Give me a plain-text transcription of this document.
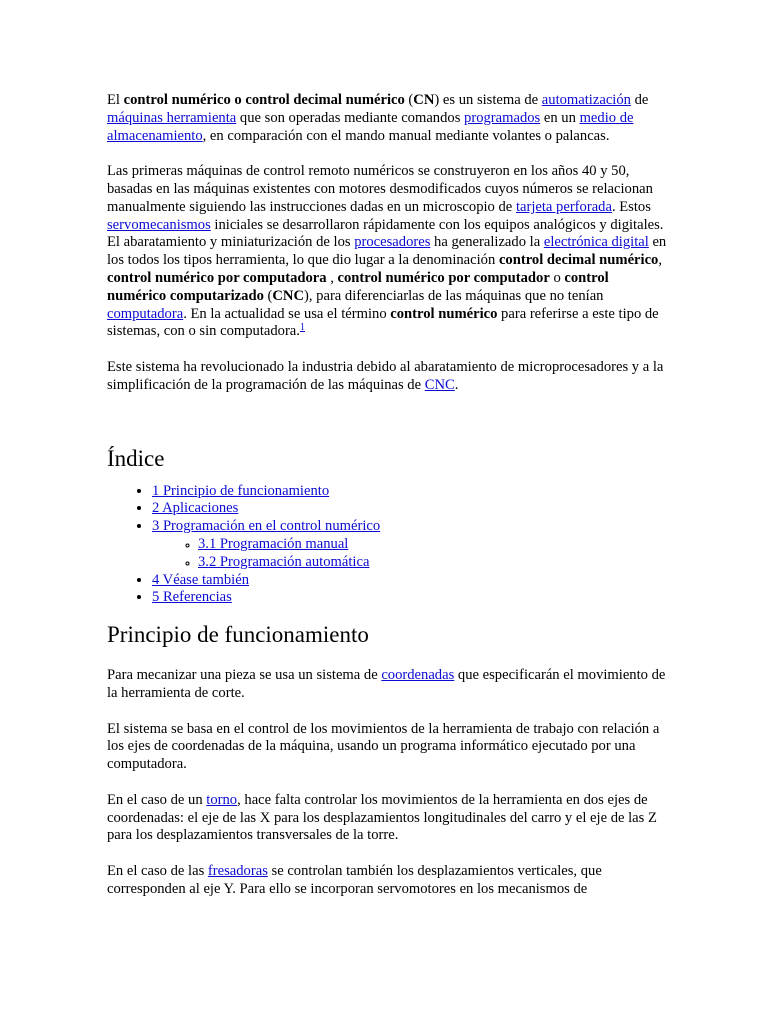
El control numérico o control decimal numérico (CN) es un sistema de automatización de máquinas herramienta que son operadas mediante comandos programados en un medio de almacenamiento, en comparación con el mando manual mediante volantes o palancas.

Las primeras máquinas de control remoto numéricos se construyeron en los años 40 y 50, basadas en las máquinas existentes con motores desmodificados cuyos números se relacionan manualmente siguiendo las instrucciones dadas en un microscopio de tarjeta perforada. Estos servomecanismos iniciales se desarrollaron rápidamente con los equipos analógicos y digitales. El abaratamiento y miniaturización de los procesadores ha generalizado la electrónica digital en los todos los tipos herramienta, lo que dio lugar a la denominación control decimal numérico, control numérico por computadora , control numérico por computador o control numérico computarizado (CNC), para diferenciarlas de las máquinas que no tenían computadora. En la actualidad se usa el término control numérico para referirse a este tipo de sistemas, con o sin computadora.$^1$

Este sistema ha revolucionado la industria debido al abaratamiento de microprocesadores y a la simplificación de la programación de las máquinas de CNC.

Índice
• 1 Principio de funcionamiento
• 2 Aplicaciones
• 3 Programación en el control numérico
◦ 3.1 Programación manual
◦ 3.2 Programación automática
• 4 Véase también
• 5 Referencias
Principio de funcionamiento

Para mecanizar una pieza se usa un sistema de coordenadas que especificarán el movimiento de la herramienta de corte.

El sistema se basa en el control de los movimientos de la herramienta de trabajo con relación a los ejes de coordenadas de la máquina, usando un programa informático ejecutado por una computadora.

En el caso de un torno, hace falta controlar los movimientos de la herramienta en dos ejes de coordenadas: el eje de las X para los desplazamientos longitudinales del carro y el eje de las Z para los desplazamientos transversales de la torre.

En el caso de las fresadoras se controlan también los desplazamientos verticales, que corresponden al eje Y. Para ello se incorporan servomotores en los mecanismos de
